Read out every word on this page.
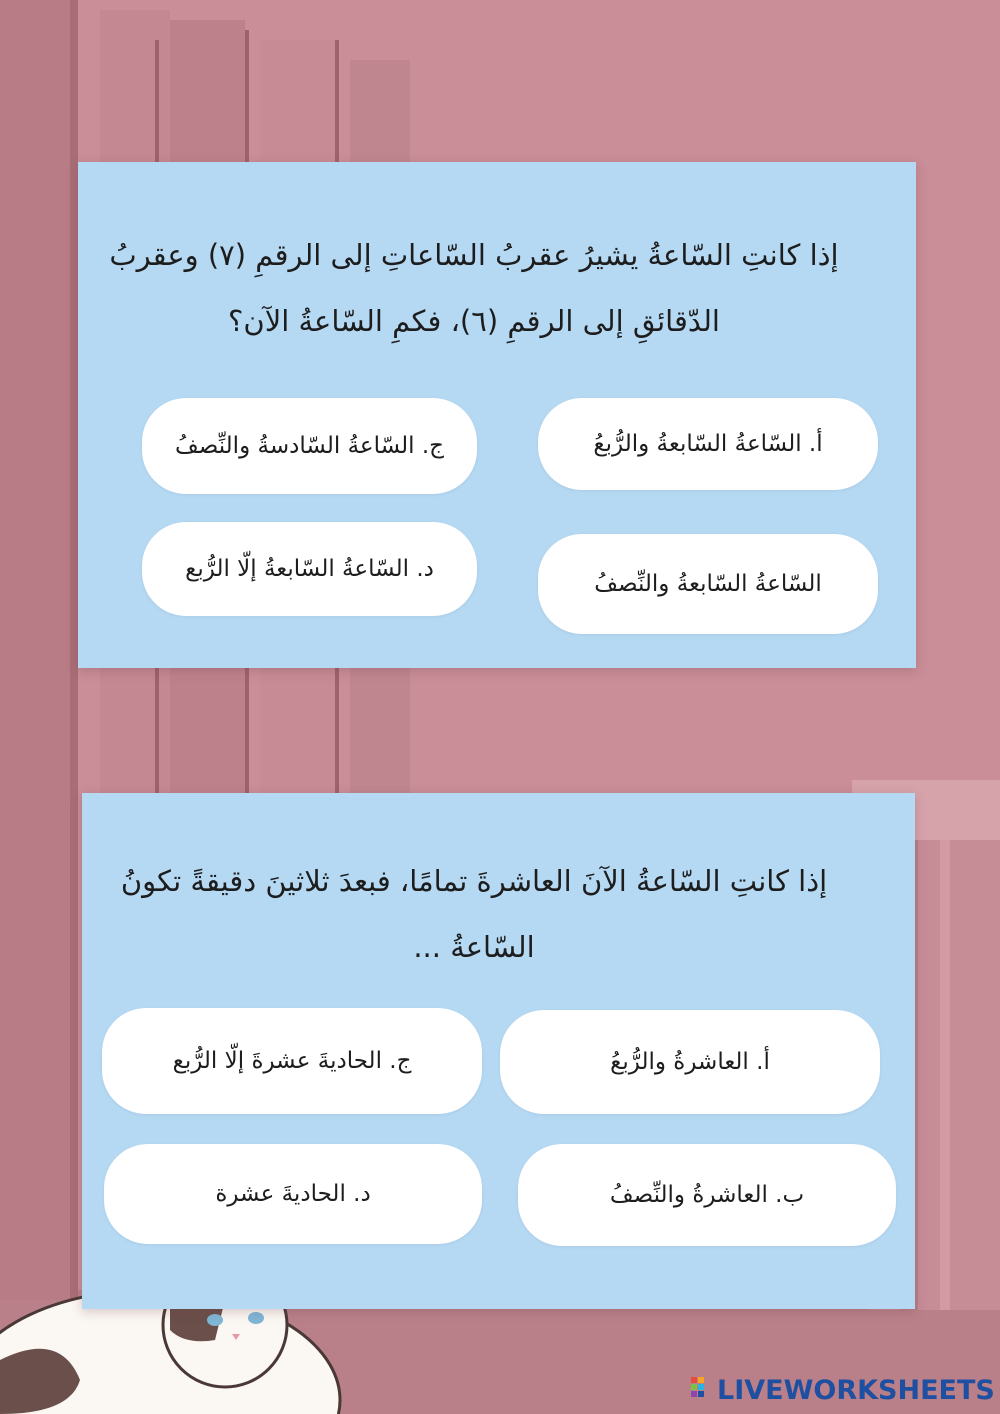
إذا كانتِ السّاعةُ يشيرُ عقربُ السّاعاتِ إلى الرقمِ (٧) وعقربُ الدّقائقِ إلى الرقمِ (٦)، فكمِ السّاعةُ الآن؟

أ. السّاعةُ السّابعةُ والرُّبعُ
ج. السّاعةُ السّادسةُ والنِّصفُ
السّاعةُ السّابعةُ والنِّصفُ
د. السّاعةُ السّابعةُ إلّا الرُّبع

إذا كانتِ السّاعةُ الآنَ العاشرةَ تمامًا، فبعدَ ثلاثينَ دقيقةً تكونُ السّاعةُ ...

أ. العاشرةُ والرُّبعُ
ج. الحاديةَ عشرةَ إلّا الرُّبع
ب. العاشرةُ والنِّصفُ
د. الحاديةَ عشرة
LIVEWORKSHEETS
